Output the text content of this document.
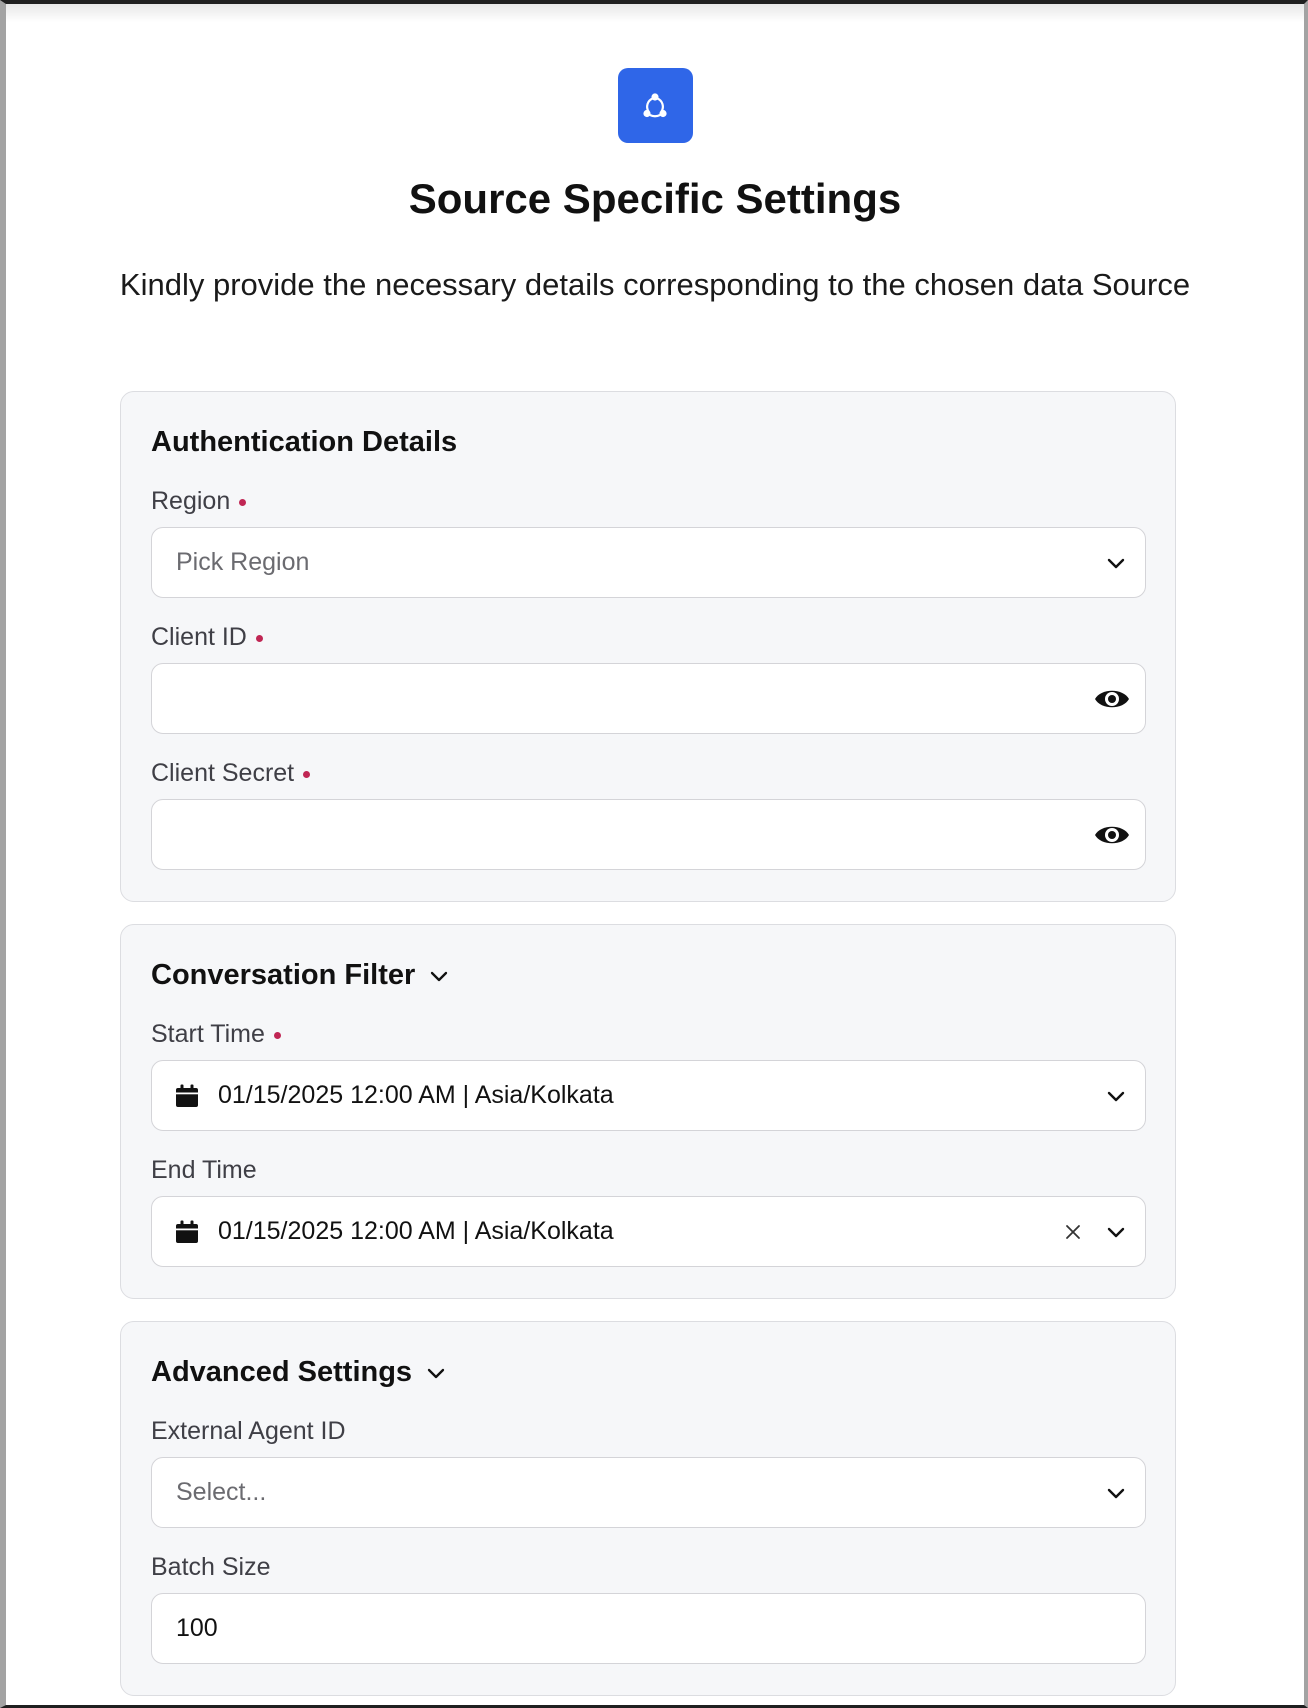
Source Specific Settings
Kindly provide the necessary details corresponding to the chosen data Source
Authentication Details
Region
Pick Region
Client ID
Client Secret
Conversation Filter
Start Time
01/15/2025 12:00 AM | Asia/Kolkata
End Time
01/15/2025 12:00 AM | Asia/Kolkata
Advanced Settings
External Agent ID
Select...
Batch Size
100
